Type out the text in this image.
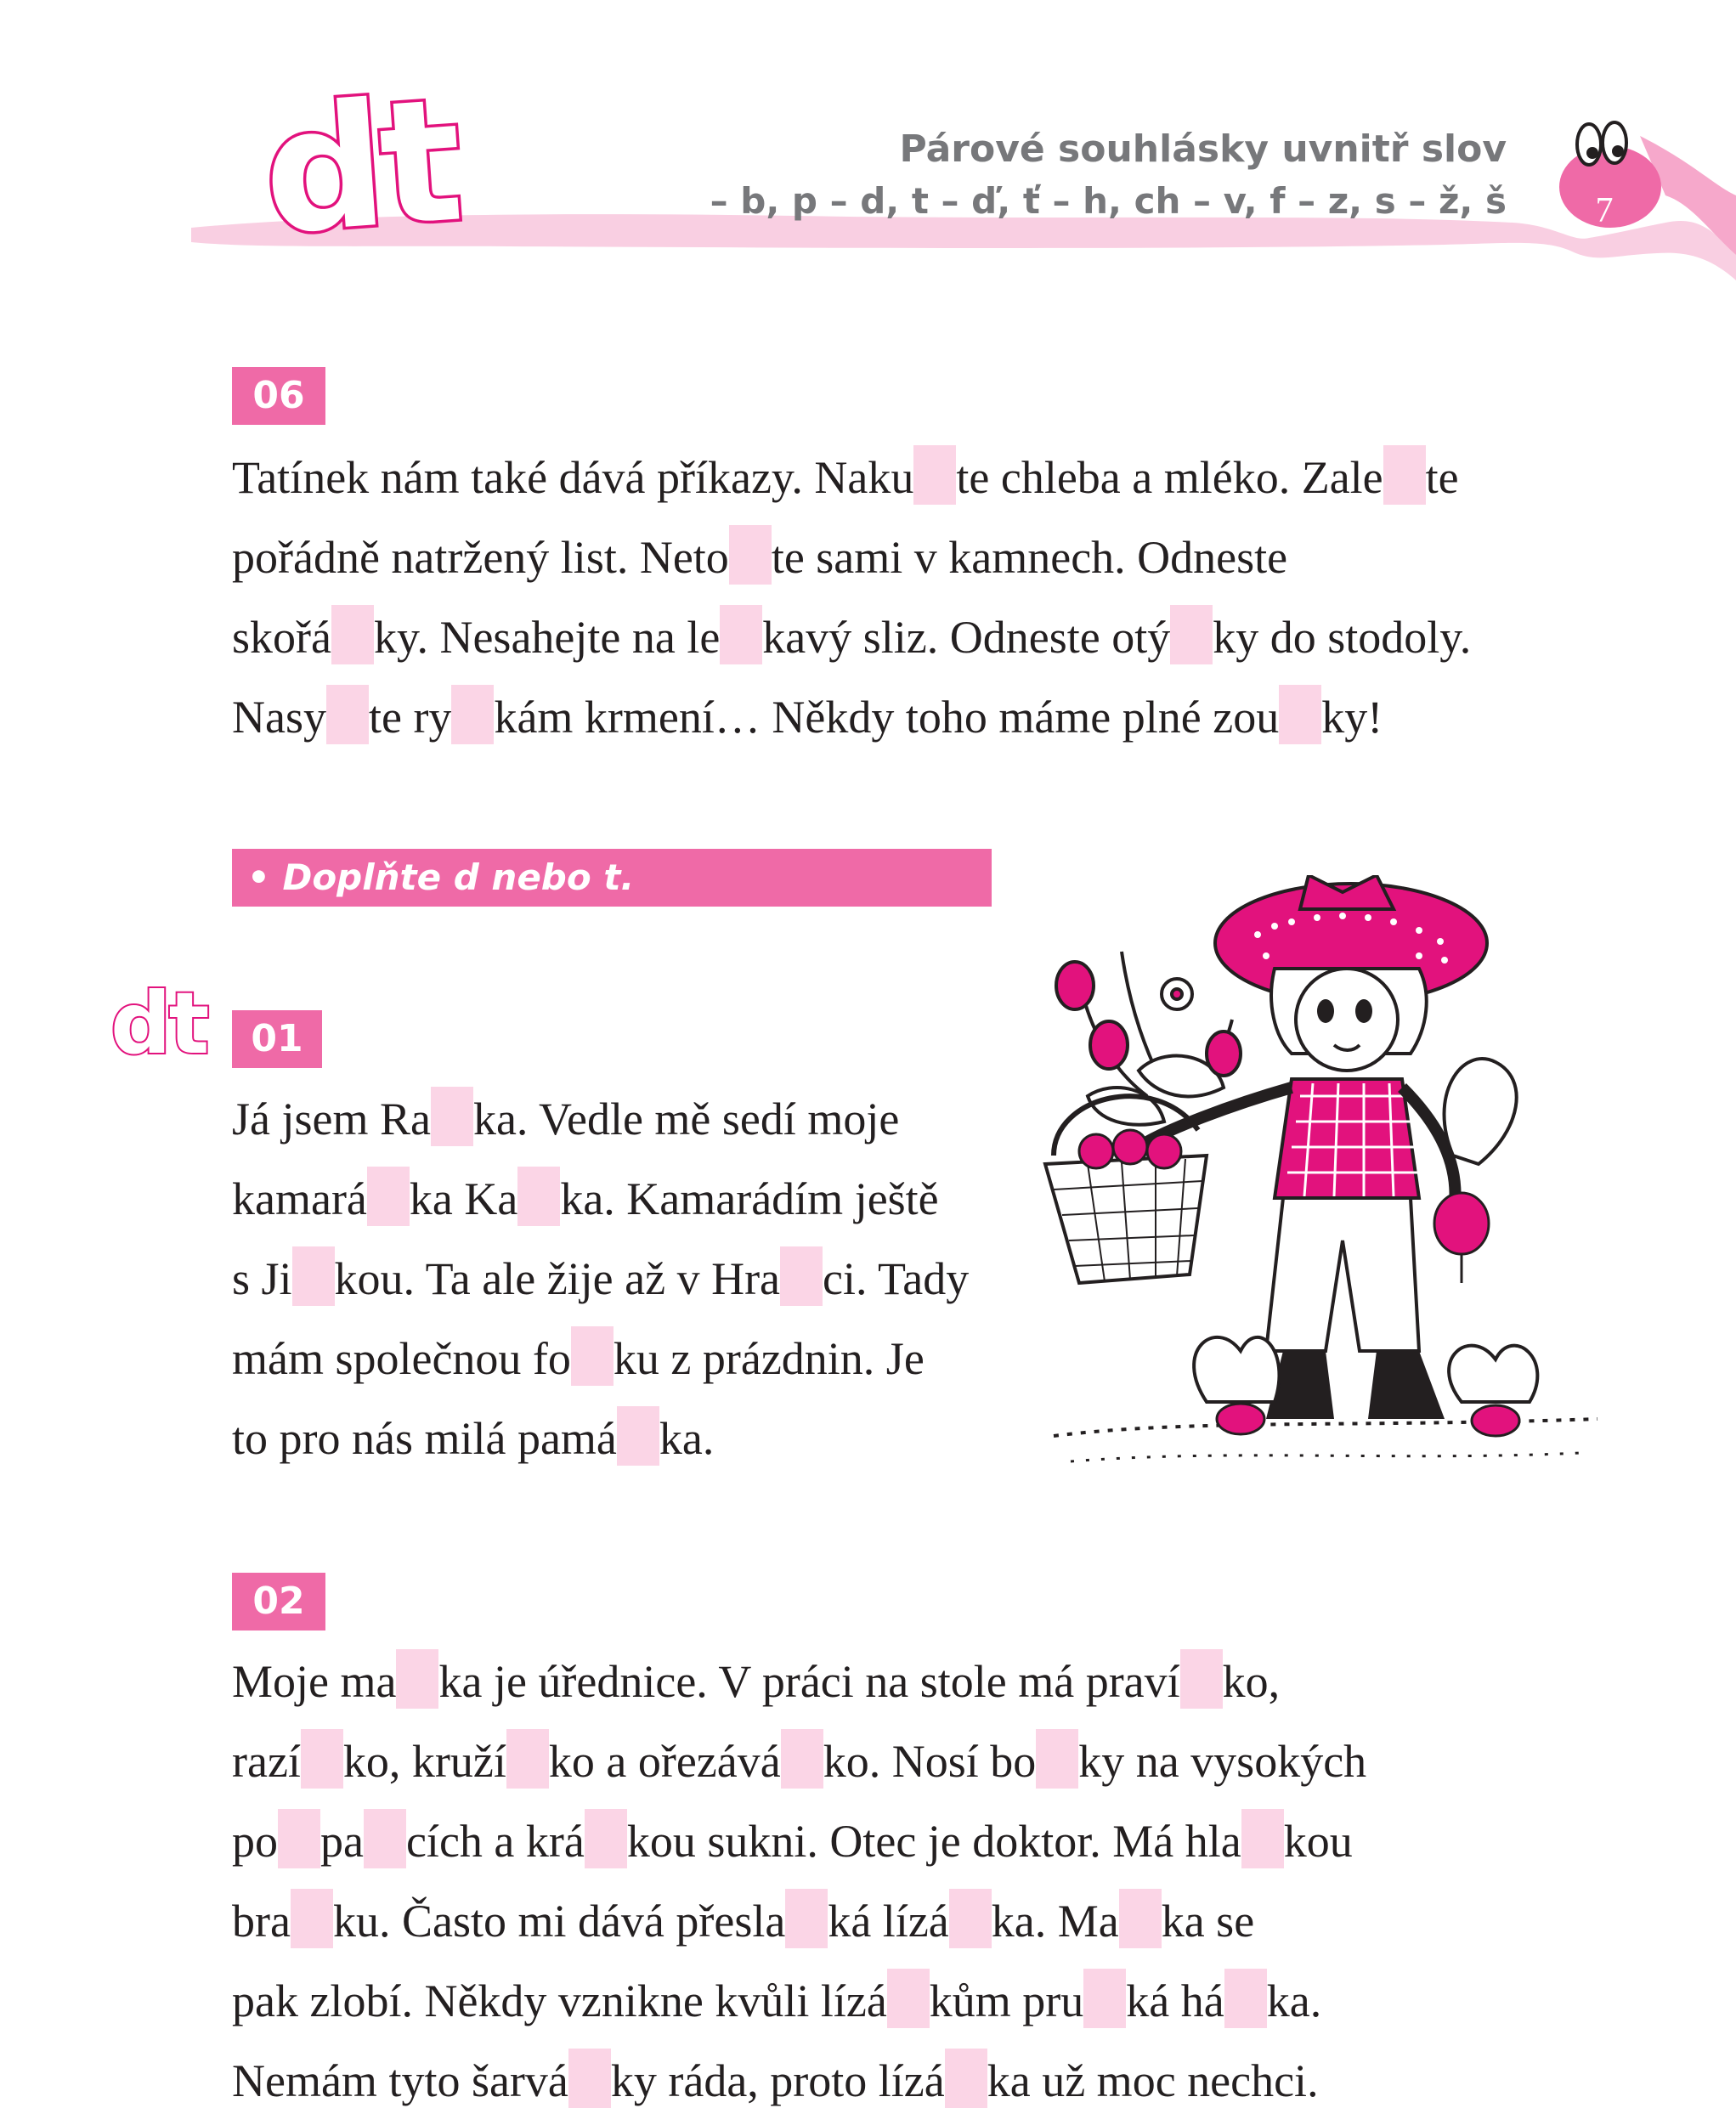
dt	Párové souhlásky uvnitř slov
– b, p – d, t – ď, ť – h, ch – v, f – z, s – ž, š 7
06
Tatínek nám také dává příkazy. Naku te chleba a mléko. Zale te
pořádně natržený list. Neto te sami v kamnech. Odneste
skořá ky. Nesahejte na le kavý sliz. Odneste otý ky do stodoly.
Nasy te ry kám krmení… Někdy toho máme plné zou ky!
• Doplňte d nebo t.
dt	01
Já jsem Ra ka. Vedle mě sedí moje
kamará ka Ka ka. Kamarádím ještě
s Ji kou. Ta ale žije až v Hra ci. Tady
mám společnou fo ku z prázdnin. Je
to pro nás milá pamá ka.
02
Moje ma ka je úřednice. V práci na stole má praví ko,
razí ko, kruží ko a ořezává ko. Nosí bo ky na vysokých
po pa cích a krá kou sukni. Otec je doktor. Má hla kou
bra ku. Často mi dává přesla ká lízá ka. Ma ka se
pak zlobí. Někdy vznikne kvůli lízá kům pru ká há ka.
Nemám tyto šarvá ky ráda, proto lízá ka už moc nechci.
